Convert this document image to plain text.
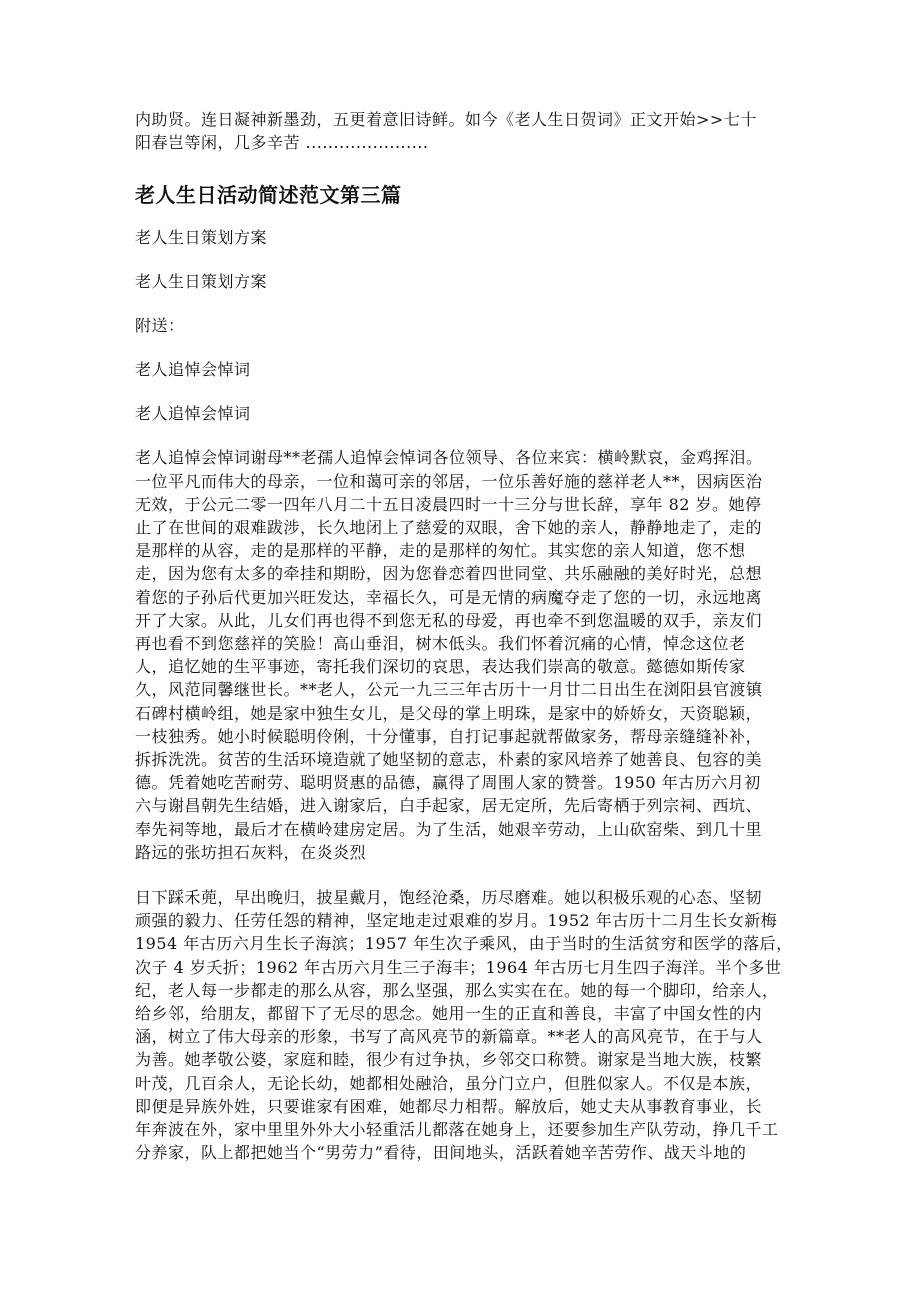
内助贤。连日凝神新墨劲，五更着意旧诗鲜。如今《老人生日贺词》正文开始>>七十

阳春岂等闲，几多辛苦 ......................

老人生日活动简述范文第三篇

老人生日策划方案

老人生日策划方案

附送：

老人追悼会悼词

老人追悼会悼词

老人追悼会悼词谢母**老孺人追悼会悼词各位领导、各位来宾：横岭默哀，金鸡挥泪。

一位平凡而伟大的母亲，一位和蔼可亲的邻居，一位乐善好施的慈祥老人**，因病医治

无效，于公元二零一四年八月二十五日凌晨四时一十三分与世长辞，享年 82 岁。她停

止了在世间的艰难跋涉，长久地闭上了慈爱的双眼，舍下她的亲人，静静地走了，走的

是那样的从容，走的是那样的平静，走的是那样的匆忙。其实您的亲人知道，您不想

走，因为您有太多的牵挂和期盼，因为您眷恋着四世同堂、共乐融融的美好时光，总想

着您的子孙后代更加兴旺发达，幸福长久，可是无情的病魔夺走了您的一切，永远地离

开了大家。从此，儿女们再也得不到您无私的母爱，再也牵不到您温暖的双手，亲友们

再也看不到您慈祥的笑脸！高山垂泪，树木低头。我们怀着沉痛的心情，悼念这位老

人，追忆她的生平事迹，寄托我们深切的哀思，表达我们崇高的敬意。懿德如斯传家

久，风范同馨继世长。**老人，公元一九三三年古历十一月廿二日出生在浏阳县官渡镇

石碑村横岭组，她是家中独生女儿，是父母的掌上明珠，是家中的娇娇女，天资聪颖，

一枝独秀。她小时候聪明伶俐，十分懂事，自打记事起就帮做家务，帮母亲缝缝补补，

拆拆洗洗。贫苦的生活环境造就了她坚韧的意志，朴素的家风培养了她善良、包容的美

德。凭着她吃苦耐劳、聪明贤惠的品德，赢得了周围人家的赞誉。1950 年古历六月初

六与谢昌朝先生结婚，进入谢家后，白手起家，居无定所，先后寄栖于列宗祠、西坑、

奉先祠等地，最后才在横岭建房定居。为了生活，她艰辛劳动，上山砍窑柴、到几十里

路远的张坊担石灰料，在炎炎烈

日下踩禾蔸，早出晚归，披星戴月，饱经沧桑，历尽磨难。她以积极乐观的心态、坚韧

顽强的毅力、任劳任怨的精神，坚定地走过艰难的岁月。1952 年古历十二月生长女新梅

1954 年古历六月生长子海滨；1957 年生次子乘风，由于当时的生活贫穷和医学的落后，

次子 4 岁夭折；1962 年古历六月生三子海丰；1964 年古历七月生四子海洋。半个多世

纪，老人每一步都走的那么从容，那么坚强，那么实实在在。她的每一个脚印，给亲人，

给乡邻，给朋友，都留下了无尽的思念。她用一生的正直和善良，丰富了中国女性的内

涵，树立了伟大母亲的形象，书写了高风亮节的新篇章。**老人的高风亮节，在于与人

为善。她孝敬公婆，家庭和睦，很少有过争执，乡邻交口称赞。谢家是当地大族，枝繁

叶茂，几百余人，无论长幼，她都相处融洽，虽分门立户，但胜似家人。不仅是本族，

即便是异族外姓，只要谁家有困难，她都尽力相帮。解放后，她丈夫从事教育事业，长

年奔波在外，家中里里外外大小轻重活儿都落在她身上，还要参加生产队劳动，挣几千工

分养家，队上都把她当个“男劳力”看待，田间地头，活跃着她辛苦劳作、战天斗地的
